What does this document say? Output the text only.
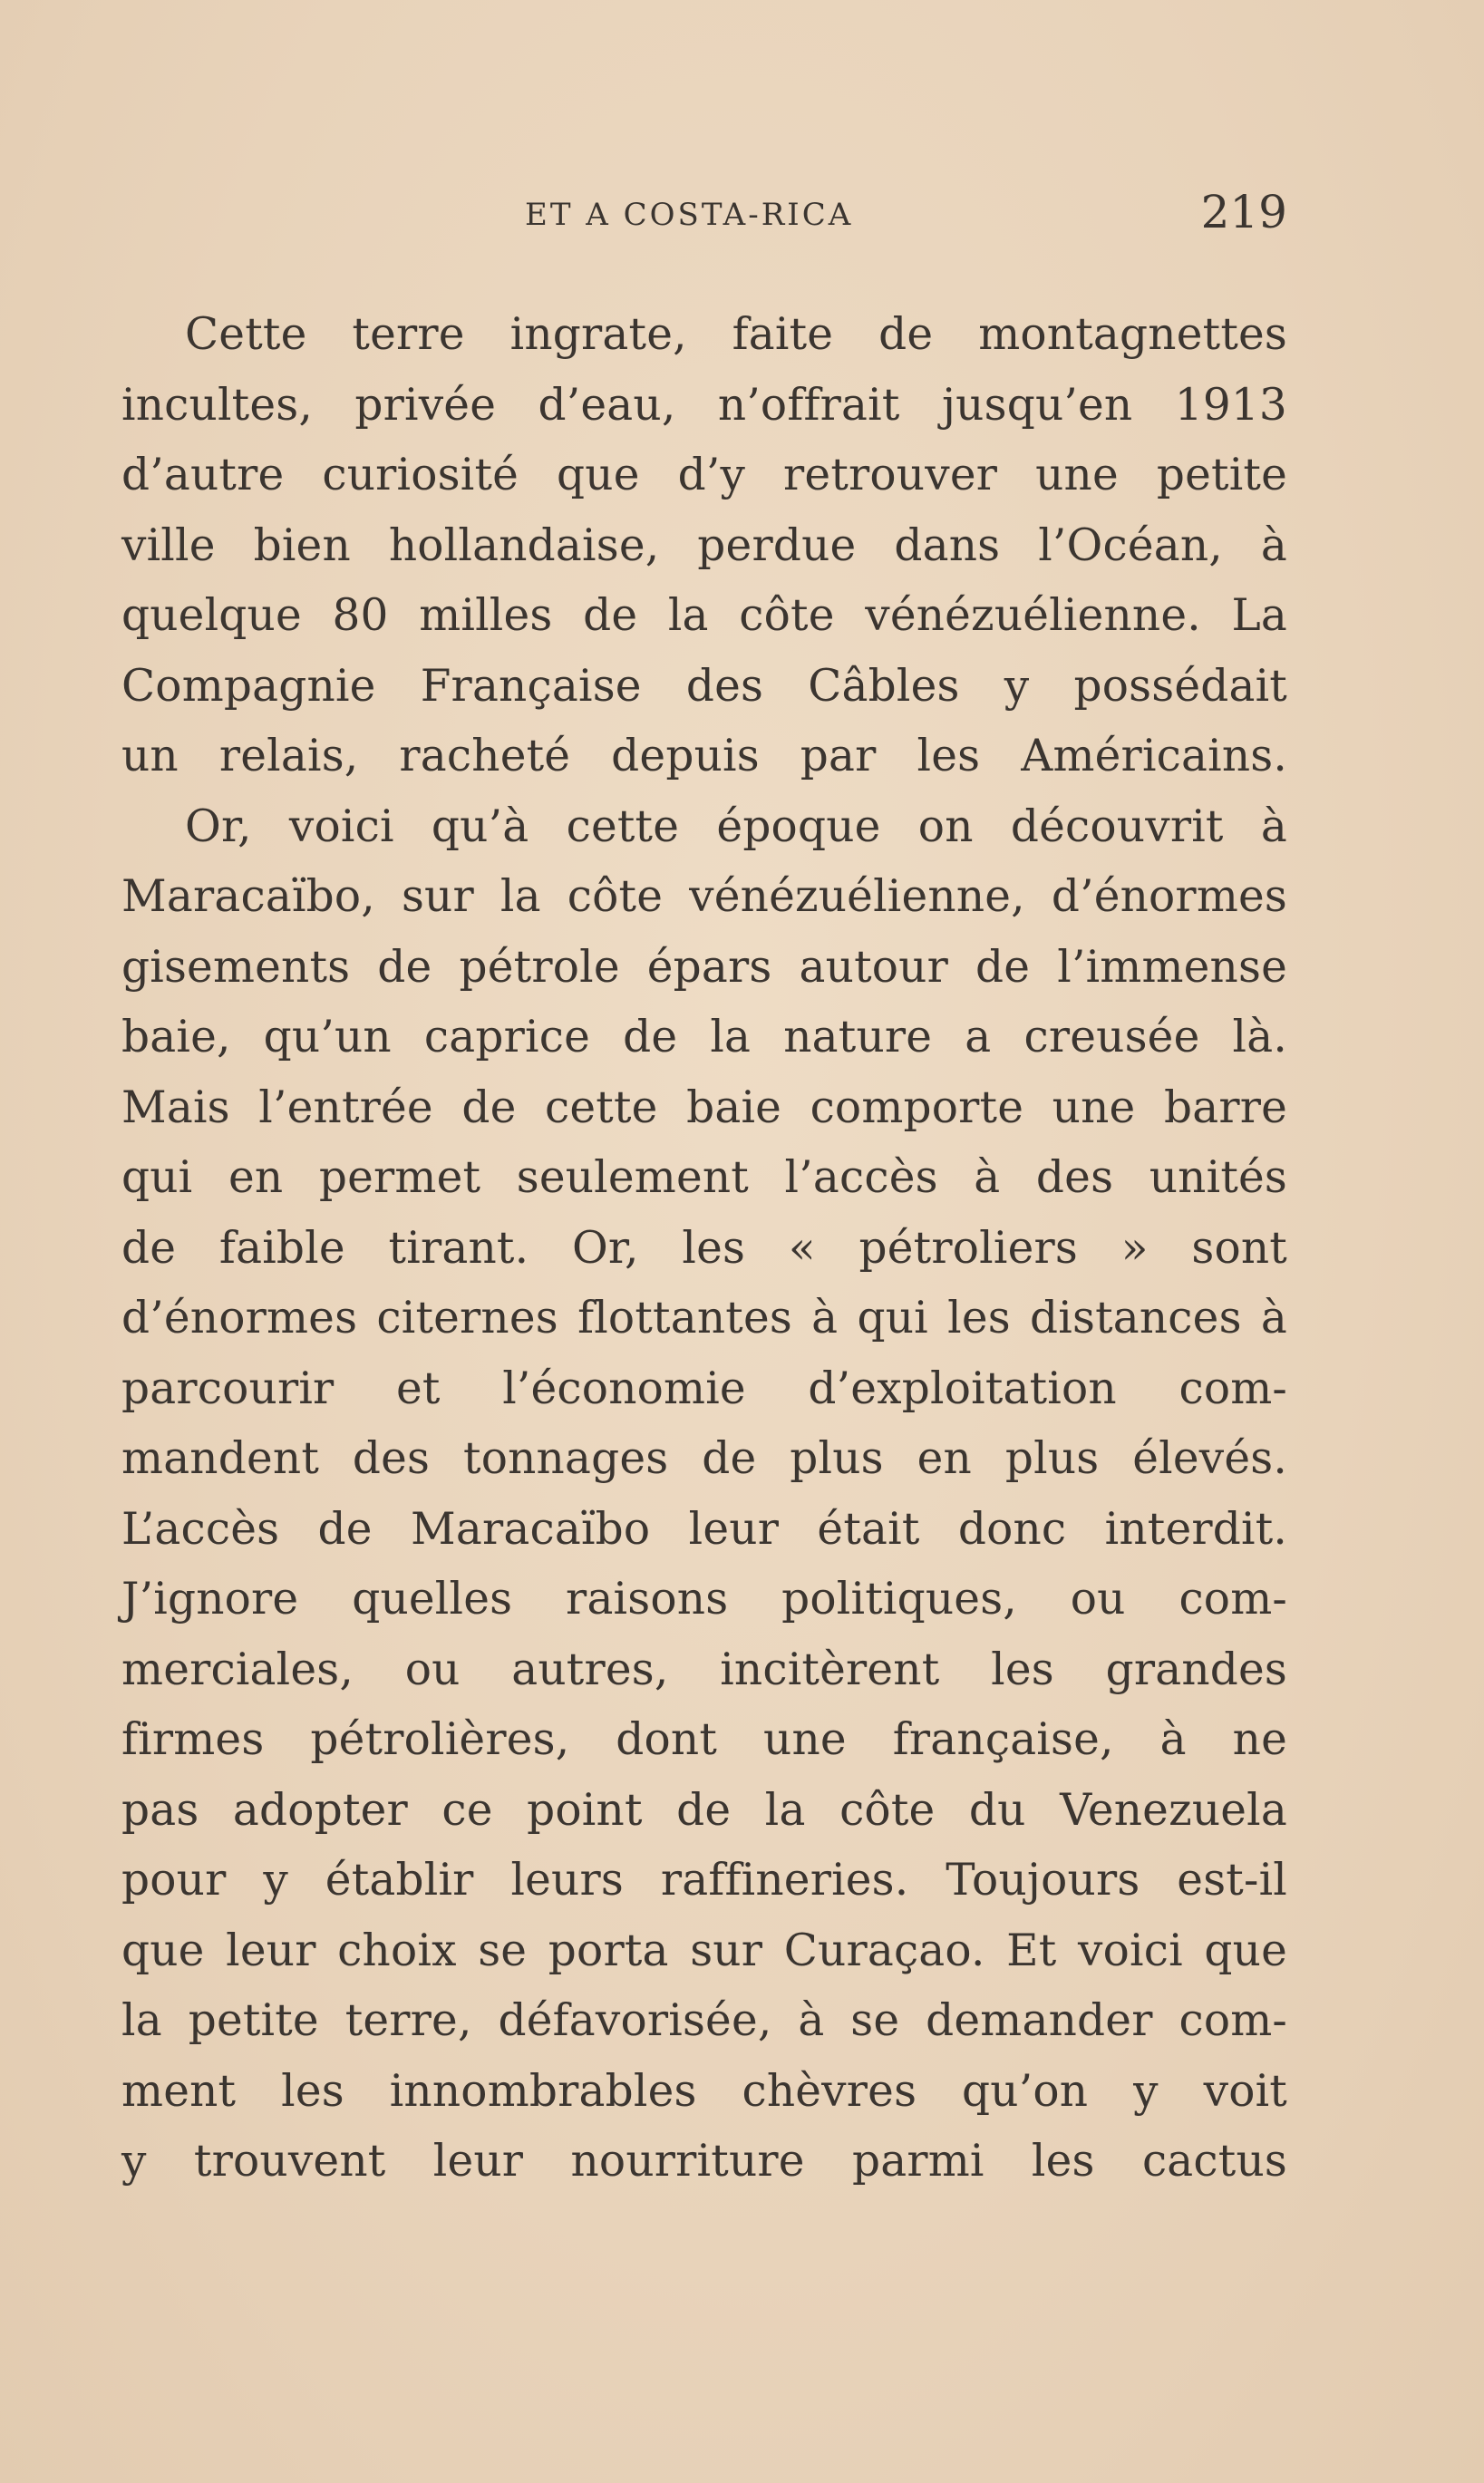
ET A COSTA-RICA	219
Cette terre ingrate, faite de montagnettes
incultes, privée d’eau, n’offrait jusqu’en 1913
d’autre curiosité que d’y retrouver une petite
ville bien hollandaise, perdue dans l’Océan, à
quelque 80 milles de la côte vénézuélienne. La
Compagnie Française des Câbles y possédait
un relais, racheté depuis par les Américains.
Or, voici qu’à cette époque on découvrit à
Maracaïbo, sur la côte vénézuélienne, d’énormes
gisements de pétrole épars autour de l’immense
baie, qu’un caprice de la nature a creusée là.
Mais l’entrée de cette baie comporte une barre
qui en permet seulement l’accès à des unités
de faible tirant. Or, les « pétroliers » sont
d’énormes citernes flottantes à qui les distances à
parcourir et l’économie d’exploitation com-
mandent des tonnages de plus en plus élevés.
L’accès de Maracaïbo leur était donc interdit.
J’ignore quelles raisons politiques, ou com-
merciales, ou autres, incitèrent les grandes
firmes pétrolières, dont une française, à ne
pas adopter ce point de la côte du Venezuela
pour y établir leurs raffineries. Toujours est-il
que leur choix se porta sur Curaçao. Et voici que
la petite terre, défavorisée, à se demander com-
ment les innombrables chèvres qu’on y voit
y trouvent leur nourriture parmi les cactus
